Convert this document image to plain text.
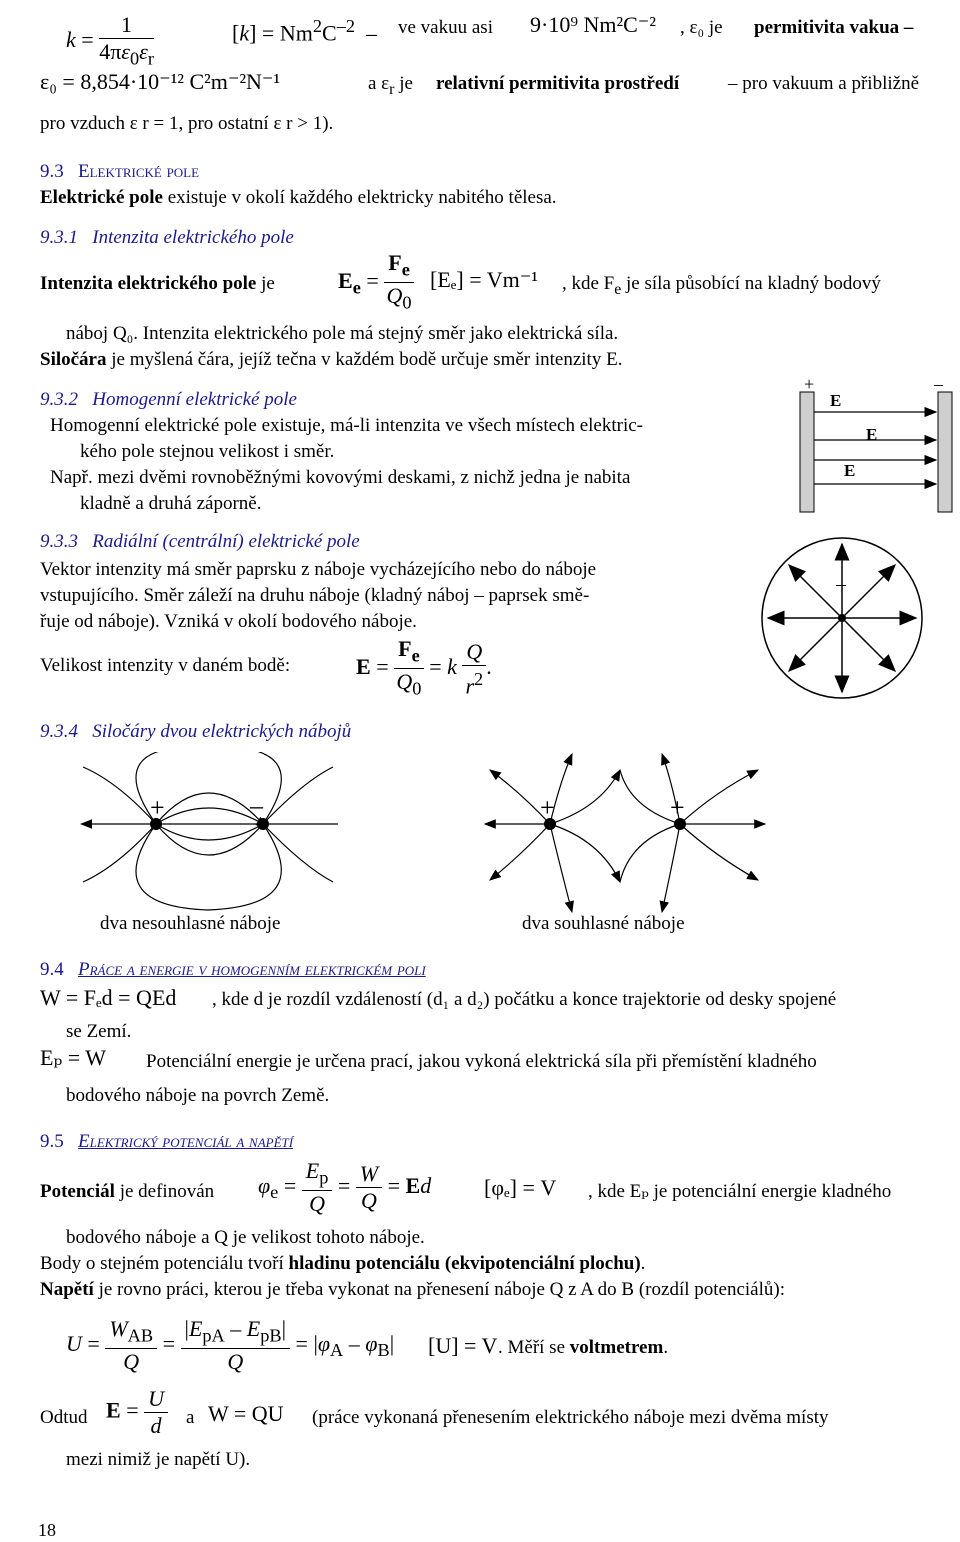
$k = \frac{1}{4\pi\varepsilon_0\varepsilon_r}$	$[k] = Nm^2C^{-2}$  – ve vakuu asi 9·10⁹ Nm²C⁻² , ε₀ je permitivita vakua –
ε₀ = 8,854·10⁻¹² C²m⁻²N⁻¹	a $\varepsilon_r$ je relativní permitivita prostředí	– pro vakuum a přibližně
pro vzduch ε r = 1, pro ostatní ε r > 1).
9.3 Elektrické pole
Elektrické pole existuje v okolí každého elektricky nabitého tělesa.
9.3.1 Intenzita elektrického pole
Intenzita elektrického pole je	$E_e = \frac{F_e}{Q_0} [E_e] = Vm^{-1}$ , kde $F_e$ je síla působící na kladný bodový
náboj Q₀. Intenzita elektrického pole má stejný směr jako elektrická síla.
Siločára je myšlená čára, jejíž tečna v každém bodě určuje směr intenzity E.
9.3.2 Homogenní elektrické pole
Homogenní elektrické pole existuje, má-li intenzita ve všech místech elektric-
kého pole stejnou velikost i směr.
Např. mezi dvěmi rovnoběžnými kovovými deskami, z nichž jedna je nabita
kladně a druhá záporně.
+	–
E
E
E
9.3.3 Radiální (centrální) elektrické pole
Vektor intenzity má směr paprsku z náboje vycházejícího nebo do náboje
vstupujícího. Směr záleží na druhu náboje (kladný náboj – paprsek smě-
řuje od náboje). Vzniká v okolí bodového náboje.
Velikost intenzity v daném bodě:	$E = \frac{F_e}{Q_0} = k \frac{Q}{r^2}$ .
–
9.3.4 Siločáry dvou elektrických nábojů
+	–	+	+
dva nesouhlasné náboje	dva souhlasné náboje
9.4 Práce a energie v homogenním elektrickém poli
W = Fₑd = QEd , kde d je rozdíl vzdáleností (d₁ a d₂) počátku a konce trajektorie od desky spojené
se Zemí.
Eₚ = W Potenciální energie je určena prací, jakou vykoná elektrická síla při přemístění kladného
bodového náboje na povrch Země.
9.5 Elektrický potenciál a napětí
Potenciál je definován $\varphi_e = \frac{E_p}{Q} = \frac{W}{Q} = Ed$ [φₑ] = V , kde Eₚ je potenciální energie kladného
bodového náboje a Q je velikost tohoto náboje.
Body o stejném potenciálu tvoří hladinu potenciálu (ekvipotenciální plochu).
Napětí je rovno práci, kterou je třeba vykonat na přenesení náboje Q z A do B (rozdíl potenciálů):
$U = \frac{W_{AB}}{Q} = \frac{|E_{pA} - E_{pB}|}{Q} = |\varphi_A - \varphi_B|$ [U] = V . Měří se voltmetrem.
Odtud $E = \frac{U}{d}$ a W = QU (práce vykonaná přenesením elektrického náboje mezi dvěma místy
mezi nimiž je napětí U).
18
